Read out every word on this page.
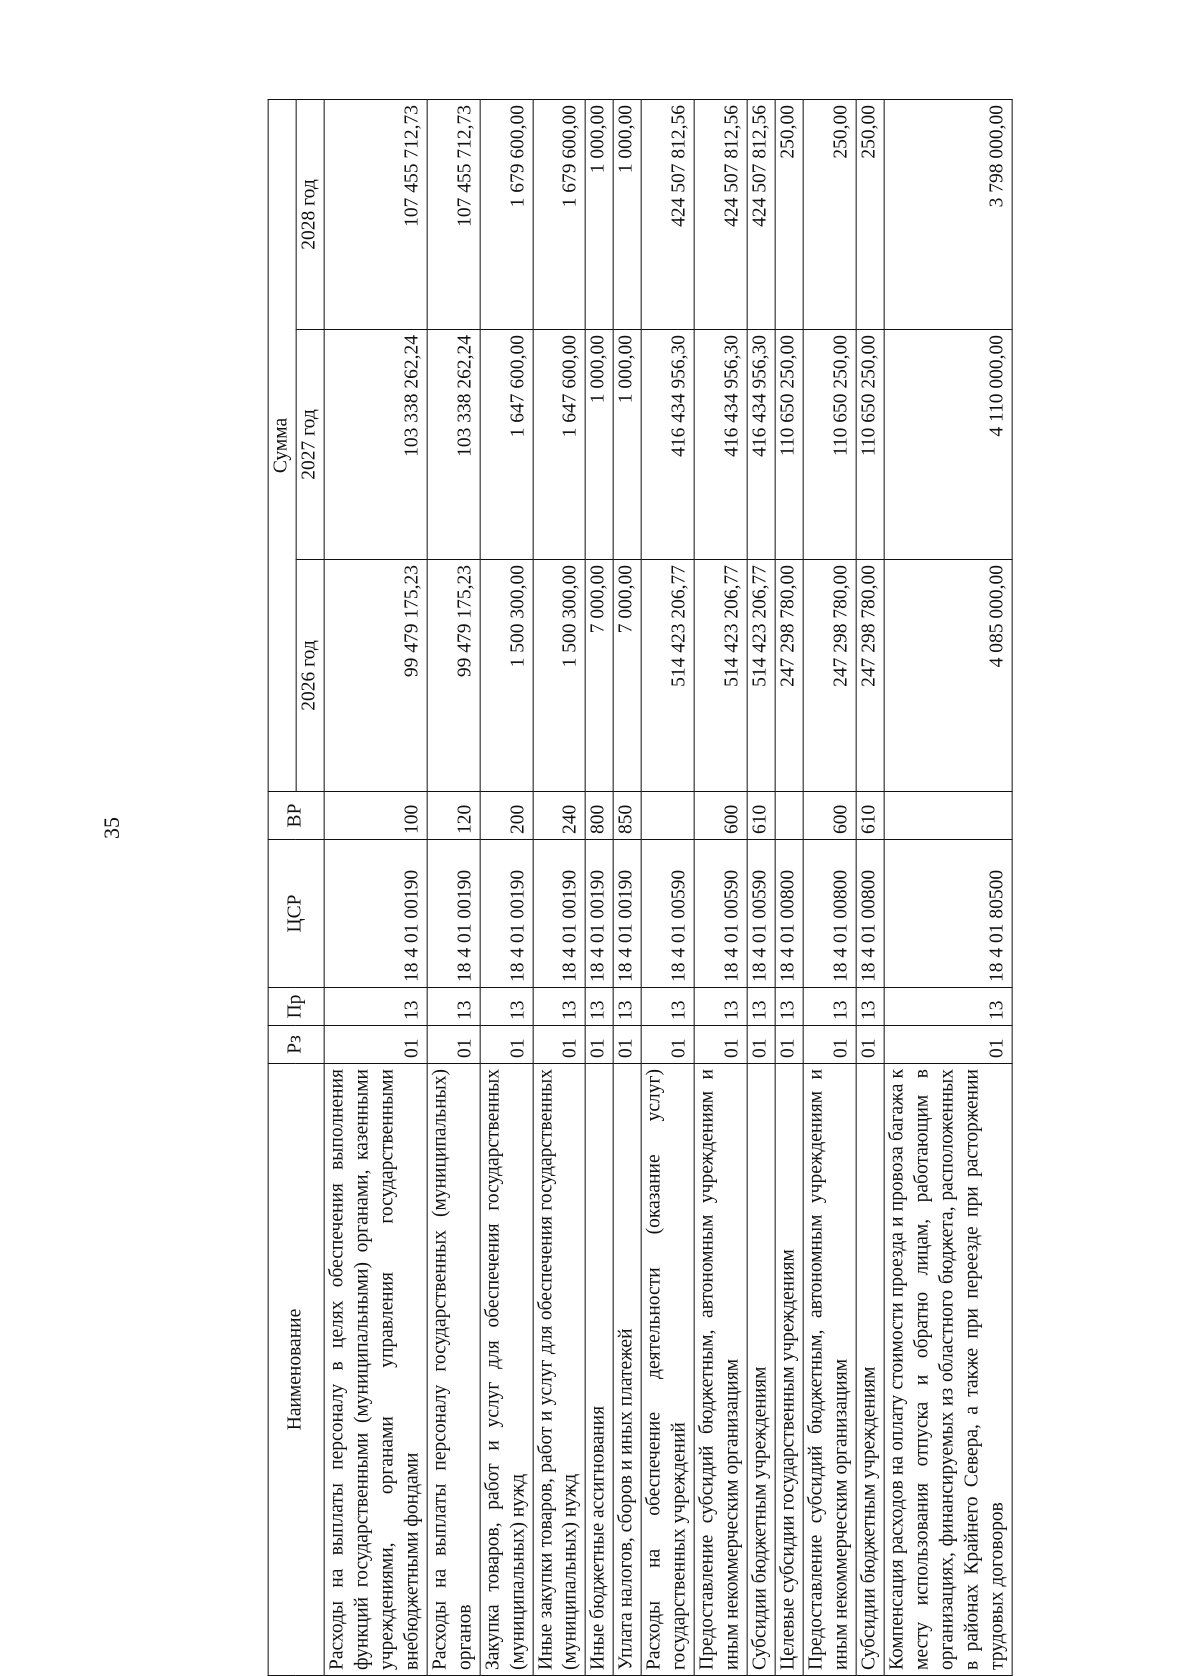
35
Наименование	Рз	Пр	ЦСР	ВР	Сумма		
					2026 год	2027 год	2028 год
Расходы на выплаты персоналу в целях обеспечения выполнения функций государственными (муниципальными) органами, казенными учреждениями, органами управления государственными внебюджетными фондами	01	13	18 4 01 00190	100	99 479 175,23	103 338 262,24	107 455 712,73
Расходы на выплаты персоналу государственных (муниципальных) органов	01	13	18 4 01 00190	120	99 479 175,23	103 338 262,24	107 455 712,73
Закупка товаров, работ и услуг для обеспечения государственных (муниципальных) нужд	01	13	18 4 01 00190	200	1 500 300,00	1 647 600,00	1 679 600,00
Иные закупки товаров, работ и услуг для обеспечения государственных (муниципальных) нужд	01	13	18 4 01 00190	240	1 500 300,00	1 647 600,00	1 679 600,00
Иные бюджетные ассигнования	01	13	18 4 01 00190	800	7 000,00	1 000,00	1 000,00
Уплата налогов, сборов и иных платежей	01	13	18 4 01 00190	850	7 000,00	1 000,00	1 000,00
Расходы на обеспечение деятельности (оказание услуг) государственных учреждений	01	13	18 4 01 00590		514 423 206,77	416 434 956,30	424 507 812,56
Предоставление субсидий бюджетным, автономным учреждениям и иным некоммерческим организациям	01	13	18 4 01 00590	600	514 423 206,77	416 434 956,30	424 507 812,56
Субсидии бюджетным учреждениям	01	13	18 4 01 00590	610	514 423 206,77	416 434 956,30	424 507 812,56
Целевые субсидии государственным учреждениям	01	13	18 4 01 00800		247 298 780,00	110 650 250,00	250,00
Предоставление субсидий бюджетным, автономным учреждениям и иным некоммерческим организациям	01	13	18 4 01 00800	600	247 298 780,00	110 650 250,00	250,00
Субсидии бюджетным учреждениям	01	13	18 4 01 00800	610	247 298 780,00	110 650 250,00	250,00
Компенсация расходов на оплату стоимости проезда и провоза багажа к месту использования отпуска и обратно лицам, работающим в организациях, финансируемых из областного бюджета, расположенных в районах Крайнего Севера, а также при переезде при расторжении трудовых договоров	01	13	18 4 01 80500		4 085 000,00	4 110 000,00	3 798 000,00
